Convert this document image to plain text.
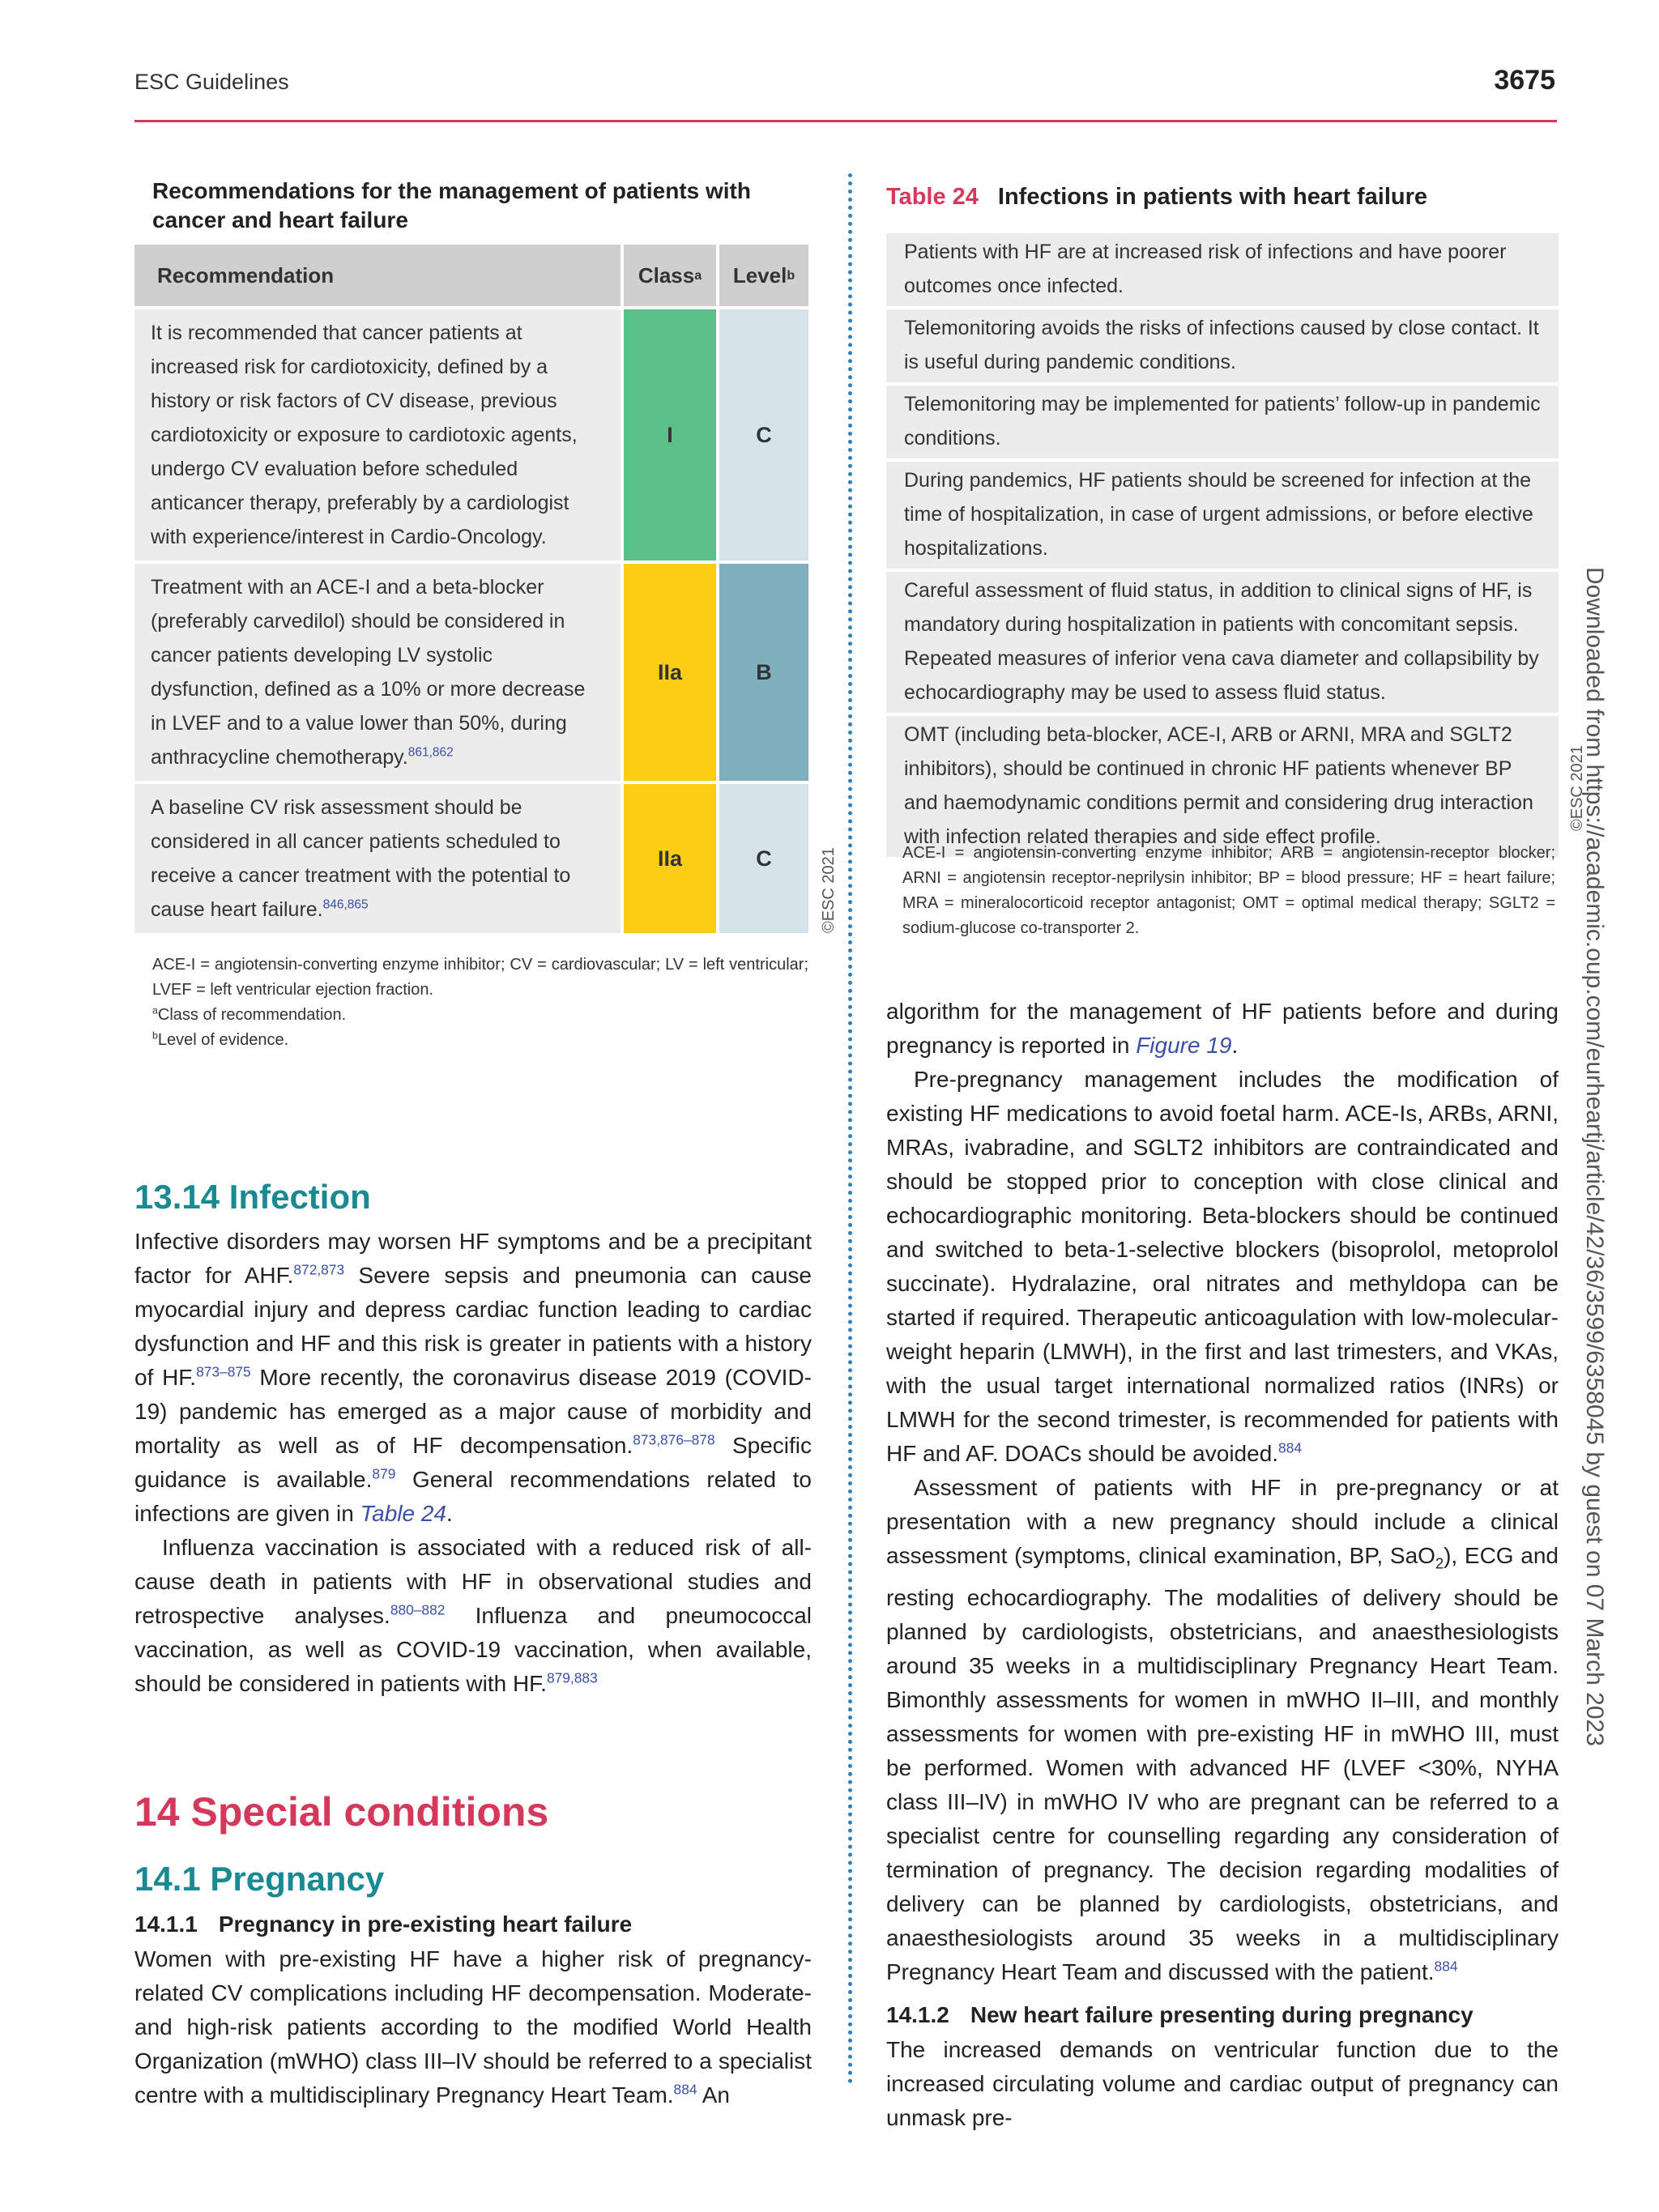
ESC Guidelines	3675
Downloaded from https://academic.oup.com/eurheartj/article/42/36/3599/6358045 by guest on 07 March 2023
©ESC 2021
©ESC 2021
Recommendations for the management of patients with cancer and heart failure
Recommendation	Class a Level b
It is recommended that cancer patients at increased risk for cardiotoxicity, defined by a history or risk factors of CV disease, previous cardiotoxicity or exposure to cardiotoxic agents, undergo CV evaluation before scheduled anticancer therapy, preferably by a cardiologist with experience/interest in Cardio-Oncology.
I	C
Treatment with an ACE-I and a beta-blocker (preferably carvedilol) should be considered in cancer patients developing LV systolic dysfunction, defined as a 10% or more decrease in LVEF and to a value lower than 50%, during anthracycline chemotherapy.$^{861,862}$
IIa	B
A baseline CV risk assessment should be considered in all cancer patients scheduled to receive a cancer treatment with the potential to cause heart failure.$^{846,865}$
IIa	C
ACE-I = angiotensin-converting enzyme inhibitor; CV = cardiovascular; LV = left ventricular; LVEF = left ventricular ejection fraction.
$^a$Class of recommendation.
$^b$Level of evidence.
13.14 Infection

Infective disorders may worsen HF symptoms and be a precipitant factor for AHF.$^{872,873}$ Severe sepsis and pneumonia can cause myocardial injury and depress cardiac function leading to cardiac dysfunction and HF and this risk is greater in patients with a history of HF.$^{873-875}$ More recently, the coronavirus disease 2019 (COVID-19) pandemic has emerged as a major cause of morbidity and mortality as well as of HF decompensation.$^{873,876-878}$ Specific guidance is available.$^{879}$ General recommendations related to infections are given in Table 24.

Influenza vaccination is associated with a reduced risk of all-cause death in patients with HF in observational studies and retrospective analyses.$^{880-882}$ Influenza and pneumococcal vaccination, as well as COVID-19 vaccination, when available, should be considered in patients with HF.$^{879,883}$

14 Special conditions
14.1 Pregnancy
14.1.1 Pregnancy in pre-existing heart failure

Women with pre-existing HF have a higher risk of pregnancy-related CV complications including HF decompensation. Moderate- and high-risk patients according to the modified World Health Organization (mWHO) class III–IV should be referred to a specialist centre with a multidisciplinary Pregnancy Heart Team.$^{884}$ An

Table 24 Infections in patients with heart failure
Patients with HF are at increased risk of infections and have poorer outcomes once infected.
Telemonitoring avoids the risks of infections caused by close contact. It is useful during pandemic conditions.
Telemonitoring may be implemented for patients’ follow-up in pandemic conditions.
During pandemics, HF patients should be screened for infection at the time of hospitalization, in case of urgent admissions, or before elective hospitalizations.
Careful assessment of fluid status, in addition to clinical signs of HF, is mandatory during hospitalization in patients with concomitant sepsis. Repeated measures of inferior vena cava diameter and collapsibility by echocardiography may be used to assess fluid status.
OMT (including beta-blocker, ACE-I, ARB or ARNI, MRA and SGLT2 inhibitors), should be continued in chronic HF patients whenever BP and haemodynamic conditions permit and considering drug interaction with infection related therapies and side effect profile.
ACE-I = angiotensin-converting enzyme inhibitor; ARB = angiotensin-receptor blocker; ARNI = angiotensin receptor-neprilysin inhibitor; BP = blood pressure; HF = heart failure; MRA = mineralocorticoid receptor antagonist; OMT = optimal medical therapy; SGLT2 = sodium-glucose co-transporter 2.

algorithm for the management of HF patients before and during pregnancy is reported in Figure 19.

Pre-pregnancy management includes the modification of existing HF medications to avoid foetal harm. ACE-Is, ARBs, ARNI, MRAs, ivabradine, and SGLT2 inhibitors are contraindicated and should be stopped prior to conception with close clinical and echocardiographic monitoring. Beta-blockers should be continued and switched to beta-1-selective blockers (bisoprolol, metoprolol succinate). Hydralazine, oral nitrates and methyldopa can be started if required. Therapeutic anticoagulation with low-molecular-weight heparin (LMWH), in the first and last trimesters, and VKAs, with the usual target international normalized ratios (INRs) or LMWH for the second trimester, is recommended for patients with HF and AF. DOACs should be avoided.$^{884}$

Assessment of patients with HF in pre-pregnancy or at presentation with a new pregnancy should include a clinical assessment (symptoms, clinical examination, BP, SaO$_2$), ECG and resting echocardiography. The modalities of delivery should be planned by cardiologists, obstetricians, and anaesthesiologists around 35 weeks in a multidisciplinary Pregnancy Heart Team. Bimonthly assessments for women in mWHO II–III, and monthly assessments for women with pre-existing HF in mWHO III, must be performed. Women with advanced HF (LVEF <30%, NYHA class III–IV) in mWHO IV who are pregnant can be referred to a specialist centre for counselling regarding any consideration of termination of pregnancy. The decision regarding modalities of delivery can be planned by cardiologists, obstetricians, and anaesthesiologists around 35 weeks in a multidisciplinary Pregnancy Heart Team and discussed with the patient.$^{884}$

14.1.2 New heart failure presenting during pregnancy

The increased demands on ventricular function due to the increased circulating volume and cardiac output of pregnancy can unmask pre-
